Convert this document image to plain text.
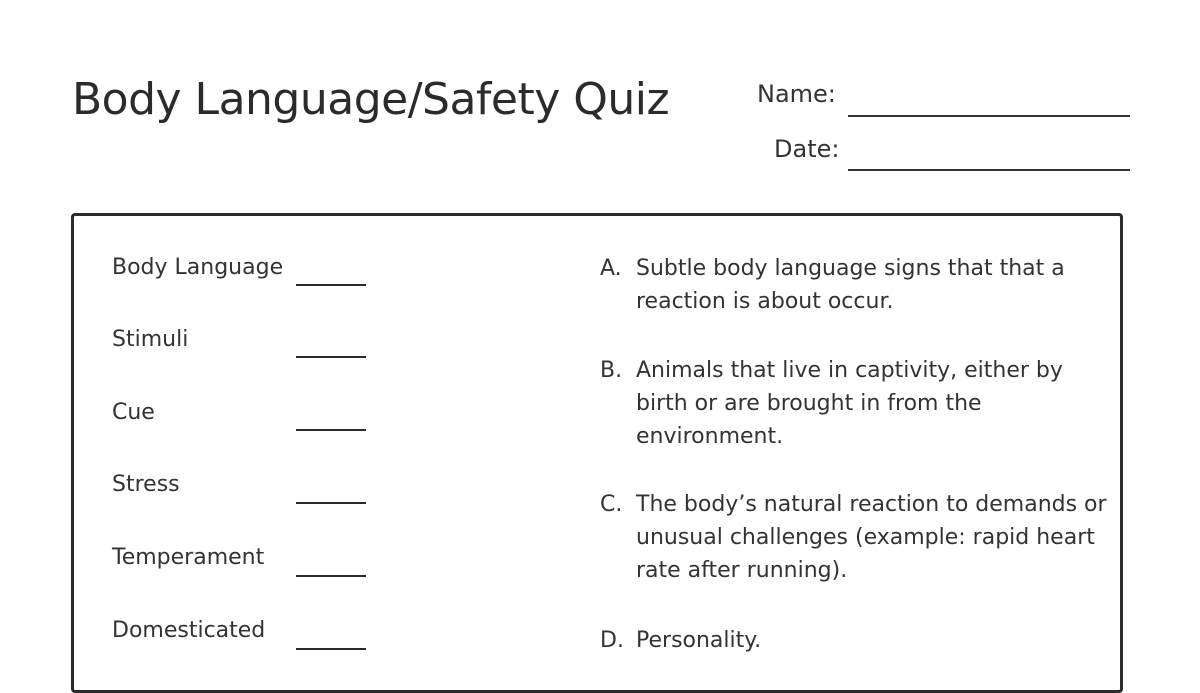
Body Language/Safety Quiz	Name:
Date:
Body Language
Stimuli
Cue
Stress
Temperament
Domesticated
A. Subtle body language signs that that a reaction is about occur.
B. Animals that live in captivity, either by birth or are brought in from the environment.
C. The body’s natural reaction to demands or unusual challenges (example: rapid heart rate after running).
D. Personality.
